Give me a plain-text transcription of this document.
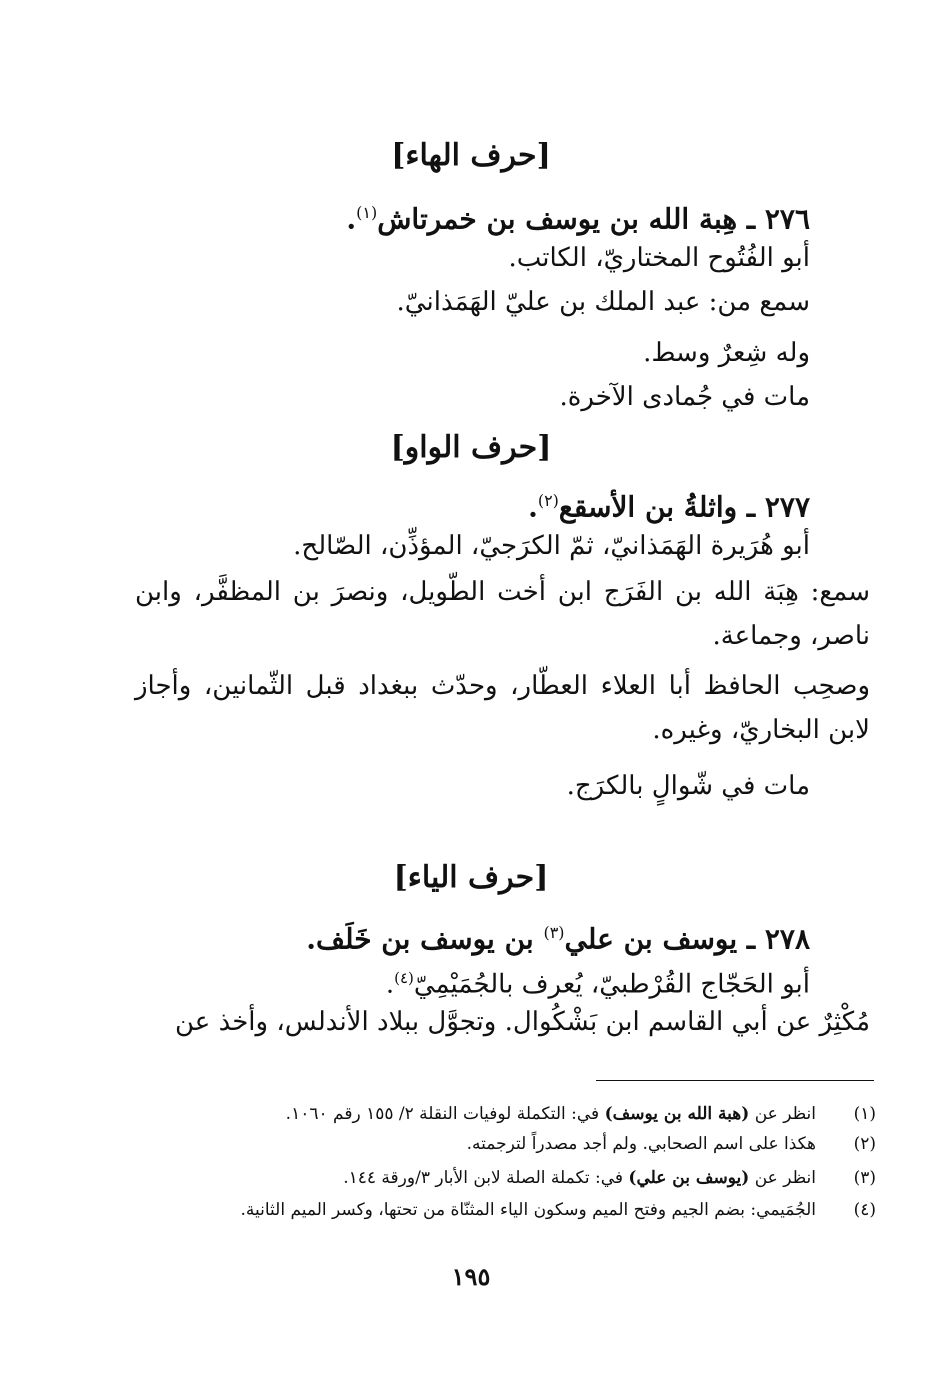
[حرف الهاء]
٢٧٦ ـ هِبة الله بن يوسف بن خمرتاش$^{(١)}$.
أبو الفُتُوح المختاريّ، الكاتب.
سمع من: عبد الملك بن عليّ الهَمَذانيّ.
وله شِعرٌ وسط.
مات في جُمادى الآخرة.
[حرف الواو]
٢٧٧ ـ واثلةُ بن الأسقع$^{(٢)}$.
أبو هُرَيرة الهَمَذانيّ، ثمّ الكرَجيّ، المؤذِّن، الصّالح.
سمع: هِبَة الله بن الفَرَج ابن أخت الطّويل، ونصرَ بن المظفَّر، وابن ناصر، وجماعة.
وصحِب الحافظ أبا العلاء العطّار، وحدّث ببغداد قبل الثّمانين، وأجاز لابن البخاريّ، وغيره.
مات في شّوالٍ بالكرَج.
[حرف الياء]
٢٧٨ ـ يوسف بن علي$^{(٣)}$ بن يوسف بن خَلَف.
أبو الحَجّاج القُرْطبيّ، يُعرف بالجُمَيْمِيّ$^{(٤)}$.
مُكْثِرٌ عن أبي القاسم ابن بَشْكُوال. وتجوَّل ببلاد الأندلس، وأخذ عن
(١)انظر عن (هبة الله بن يوسف) في: التكملة لوفيات النقلة ٢/ ١٥٥ رقم ١٠٦٠.
(٢)هكذا على اسم الصحابي. ولم أجد مصدراً لترجمته.
(٣)انظر عن (يوسف بن علي) في: تكملة الصلة لابن الأبار ٣/ورقة ١٤٤.
(٤)الجُمَيمي: بضم الجيم وفتح الميم وسكون الياء المثنّاة من تحتها، وكسر الميم الثانية.
١٩٥
